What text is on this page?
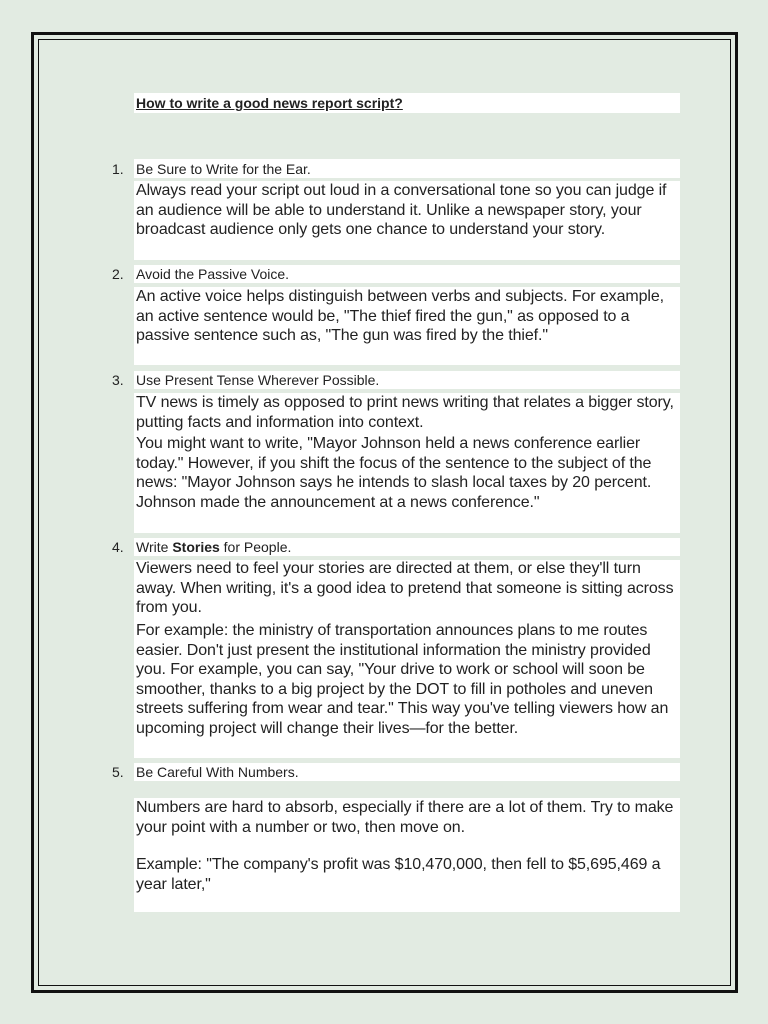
How to write a good news report script?
1. Be Sure to Write for the Ear.
Always read your script out loud in a conversational tone so you can judge if an audience will be able to understand it. Unlike a newspaper story, your broadcast audience only gets one chance to understand your story.
2. Avoid the Passive Voice.
An active voice helps distinguish between verbs and subjects. For example, an active sentence would be, "The thief fired the gun," as opposed to a passive sentence such as, "The gun was fired by the thief."
3. Use Present Tense Wherever Possible.
TV news is timely as opposed to print news writing that relates a bigger story, putting facts and information into context.
You might want to write, "Mayor Johnson held a news conference earlier today." However, if you shift the focus of the sentence to the subject of the news: "Mayor Johnson says he intends to slash local taxes by 20 percent. Johnson made the announcement at a news conference."
4. Write Stories for People.
Viewers need to feel your stories are directed at them, or else they'll turn away. When writing, it's a good idea to pretend that someone is sitting across from you.
For example: the ministry of transportation announces plans to me routes easier. Don't just present the institutional information the ministry provided you. For example, you can say, "Your drive to work or school will soon be smoother, thanks to a big project by the DOT to fill in potholes and uneven streets suffering from wear and tear." This way you've telling viewers how an upcoming project will change their lives—for the better.
5. Be Careful With Numbers.
Numbers are hard to absorb, especially if there are a lot of them. Try to make your point with a number or two, then move on.
Example: "The company's profit was $10,470,000, then fell to $5,695,469 a year later,"
